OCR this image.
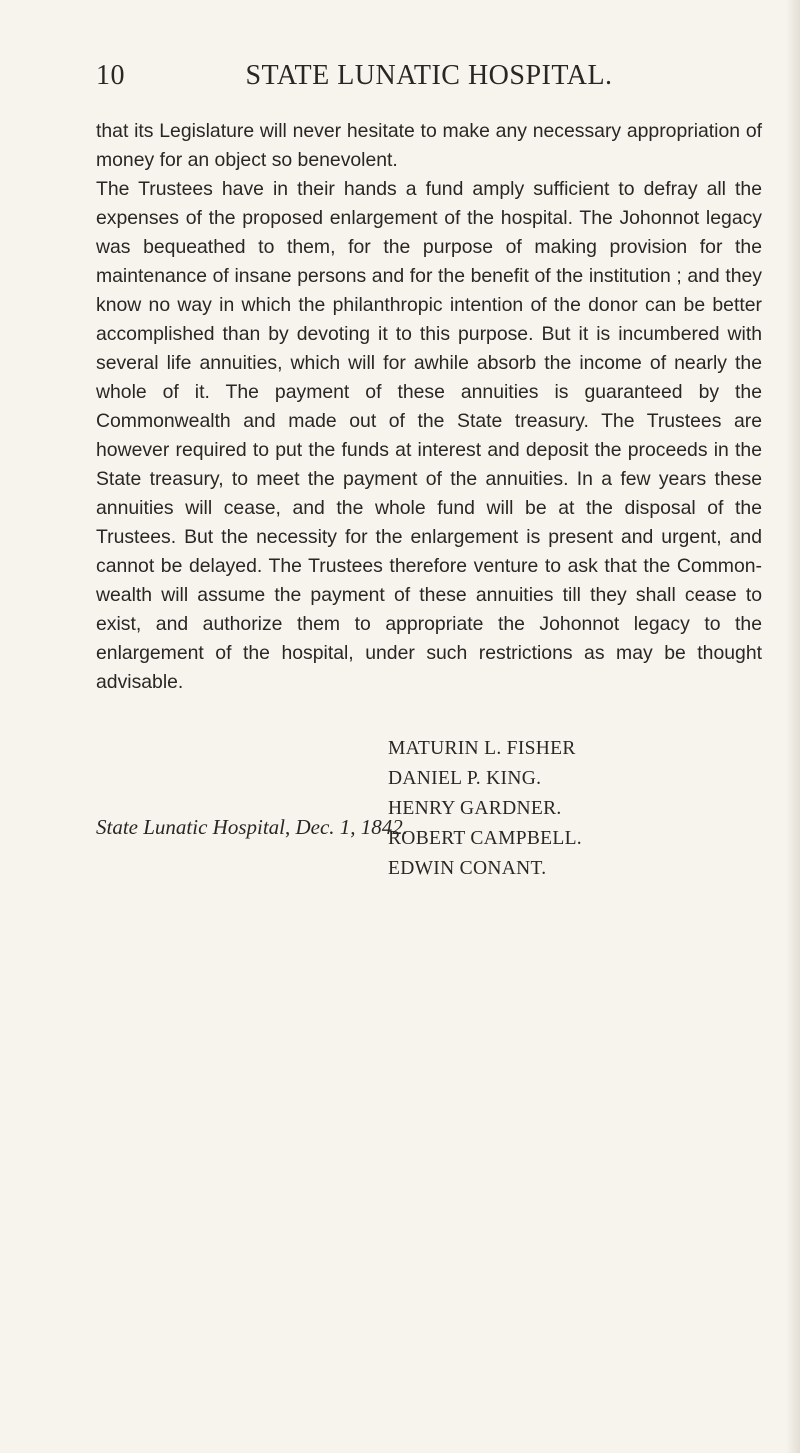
10	STATE LUNATIC HOSPITAL.

that its Legislature will never hesitate to make any necessary appropriation of money for an object so benevolent.

The Trustees have in their hands a fund amply sufficient to defray all the expenses of the proposed enlargement of the hospital. The Johonnot legacy was bequeathed to them, for the purpose of making provision for the maintenance of insane persons and for the benefit of the institution ; and they know no way in which the philanthropic intention of the donor can be better accomplished than by devoting it to this purpose. But it is incumbered with several life annuities, which will for awhile absorb the income of nearly the whole of it. The payment of these annuities is guaranteed by the Commonwealth and made out of the State treasury. The Trustees are however required to put the funds at interest and deposit the proceeds in the State treasury, to meet the payment of the annuities. In a few years these annuities will cease, and the whole fund will be at the disposal of the Trustees. But the necessity for the enlargement is present and urgent, and cannot be delayed. The Trustees therefore venture to ask that the Commonwealth will assume the payment of these annuities till they shall cease to exist, and authorize them to appropriate the Johonnot legacy to the enlargement of the hospital, under such restrictions as may be thought advisable.

MATURIN L. FISHER
DANIEL P. KING.
HENRY GARDNER.
ROBERT CAMPBELL.
EDWIN CONANT.
State Lunatic Hospital, Dec. 1, 1842.
